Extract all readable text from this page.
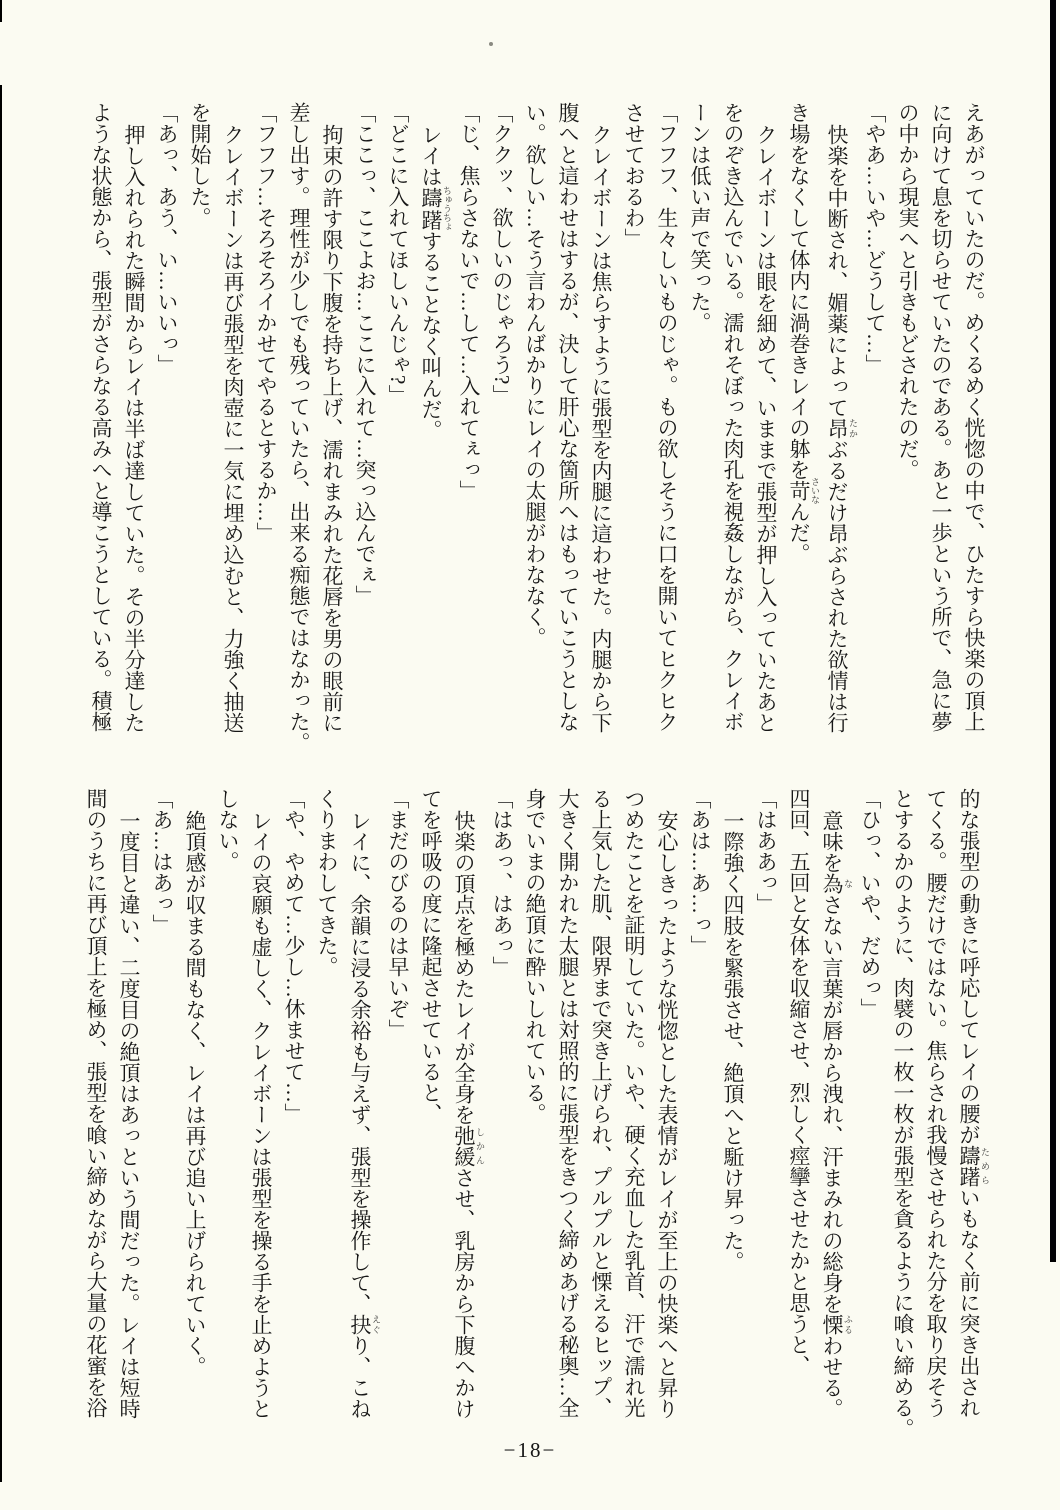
えあがっていたのだ。めくるめく恍惚の中で、ひたすら快楽の頂上

に向けて息を切らせていたのである。あと一歩という所で、急に夢

の中から現実へと引きもどされたのだ。

「やあ…いや…どうして…」

快楽を中断され、媚薬によって昂 たかぶるだけ昂ぶらされた欲情は行

き場をなくして体内に渦巻きレイの躰を苛 さいなんだ。

クレイボーンは眼を細めて、いままで張型が押し入っていたあと

をのぞき込んでいる。濡れそぼった肉孔を視姦しながら、クレイボ

ーンは低い声で笑った。

「フフフ、生々しいものじゃ。もの欲しそうに口を開いてヒクヒク

させておるわ」

クレイボーンは焦らすように張型を内腿に這わせた。内腿から下

腹へと這わせはするが、決して肝心な箇所へはもっていこうとしな

い。欲しい…そう言わんばかりにレイの太腿がわななく。

「ククッ、欲しいのじゃろう?」

「じ、焦らさないで…して…入れてぇっ」

レイは躊躇 ちゅうちょすることなく叫んだ。

「どこに入れてほしいんじゃ?」

「ここっ、ここよお…ここに入れて…突っ込んでぇ」

拘束の許す限り下腹を持ち上げ、濡れまみれた花唇を男の眼前に

差し出す。理性が少しでも残っていたら、出来る痴態ではなかった。

「フフフ…そろそろイかせてやるとするか…」

クレイボーンは再び張型を肉壺に一気に埋め込むと、力強く抽送

を開始した。

「あっ、あう、い…いいっ」

押し入れられた瞬間からレイは半ば達していた。その半分達した

ような状態から、張型がさらなる高みへと導こうとしている。積極

的な張型の動きに呼応してレイの腰が躊躇 ためらいもなく前に突き出され

てくる。腰だけではない。焦らされ我慢させられた分を取り戻そう

とするかのように、肉襞の一枚一枚が張型を貪るように喰い締める。

「ひっ、いや、だめっ」

意味を為 なさない言葉が唇から洩れ、汗まみれの総身を慄 ふるわせる。

四回、五回と女体を収縮させ、烈しく痙攣させたかと思うと、

「はああっ」

一際強く四肢を緊張させ、絶頂へと駈け昇った。

「あは…あ…っ」

安心しきったような恍惚とした表情がレイが至上の快楽へと昇り

つめたことを証明していた。いや、硬く充血した乳首、汗で濡れ光

る上気した肌、限界まで突き上げられ、プルプルと慄えるヒップ、

大きく開かれた太腿とは対照的に張型をきつく締めあげる秘奥…全

身でいまの絶頂に酔いしれている。

「はあっ、はあっ」

快楽の頂点を極めたレイが全身を弛緩 しかんさせ、乳房から下腹へかけ

てを呼吸の度に隆起させていると、

「まだのびるのは早いぞ」

レイに、余韻に浸る余裕も与えず、張型を操作して、抉 えぐり、こね

くりまわしてきた。

「や、やめて…少し…休ませて…」

レイの哀願も虚しく、クレイボーンは張型を操る手を止めようと

しない。

絶頂感が収まる間もなく、レイは再び追い上げられていく。

「あ…はあっ」

一度目と違い、二度目の絶頂はあっという間だった。レイは短時

間のうちに再び頂上を極め、張型を喰い締めながら大量の花蜜を浴

−18−
